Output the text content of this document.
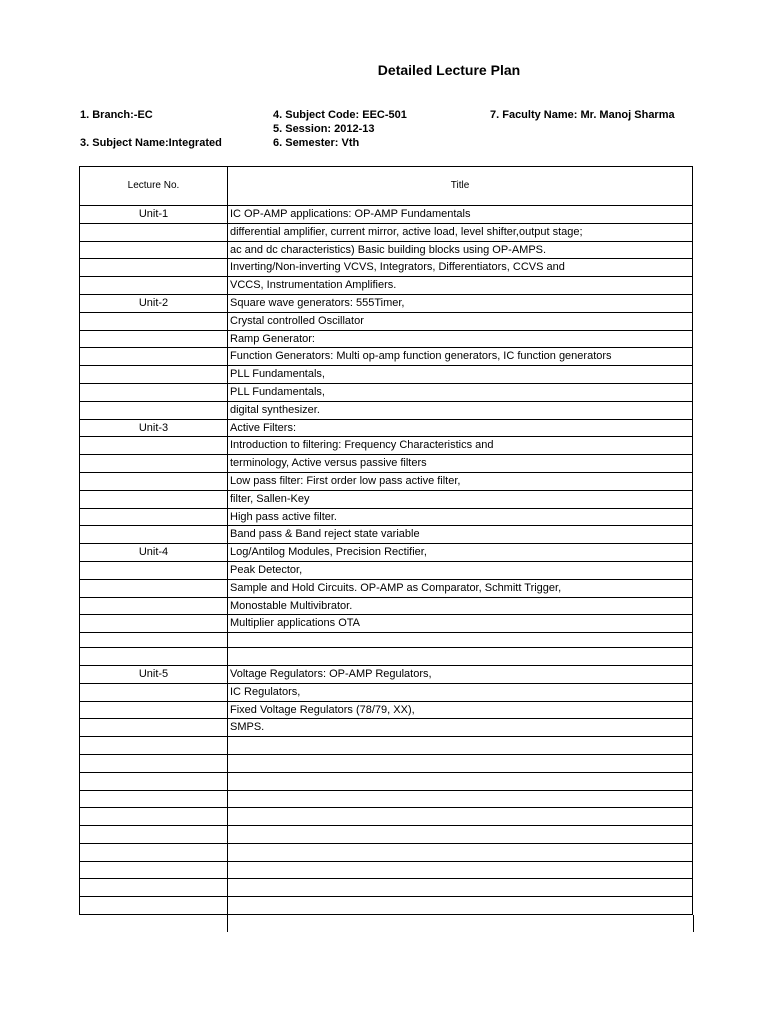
Detailed Lecture Plan
1. Branch:-EC
3. Subject Name:Integrated
4. Subject Code: EEC-501
5. Session: 2012-13
6. Semester: Vth
7. Faculty Name: Mr. Manoj Sharma
Lecture No.	Title
Unit-1	IC OP-AMP applications: OP-AMP Fundamentals
	differential amplifier, current mirror, active load, level shifter,output stage;
	ac and dc characteristics) Basic building blocks using OP-AMPS.
	Inverting/Non-inverting VCVS, Integrators, Differentiators, CCVS and
	VCCS, Instrumentation Amplifiers.
Unit-2	Square wave generators: 555Timer,
	Crystal controlled Oscillator
	Ramp Generator:
	Function Generators: Multi op-amp function generators, IC function generators
	PLL Fundamentals,
	PLL Fundamentals,
	digital synthesizer.
Unit-3	Active Filters:
	Introduction to filtering: Frequency Characteristics and
	terminology, Active versus passive filters
	Low pass filter: First order low pass active filter,
	filter, Sallen-Key
	High pass active filter.
	Band pass & Band reject state variable
Unit-4	Log/Antilog Modules, Precision Rectifier,
	Peak Detector,
	Sample and Hold Circuits. OP-AMP as Comparator, Schmitt Trigger,
	Monostable Multivibrator.
	Multiplier applications OTA

Unit-5	Voltage Regulators: OP-AMP Regulators,
	IC Regulators,
	Fixed Voltage Regulators (78/79, XX),
	SMPS.
